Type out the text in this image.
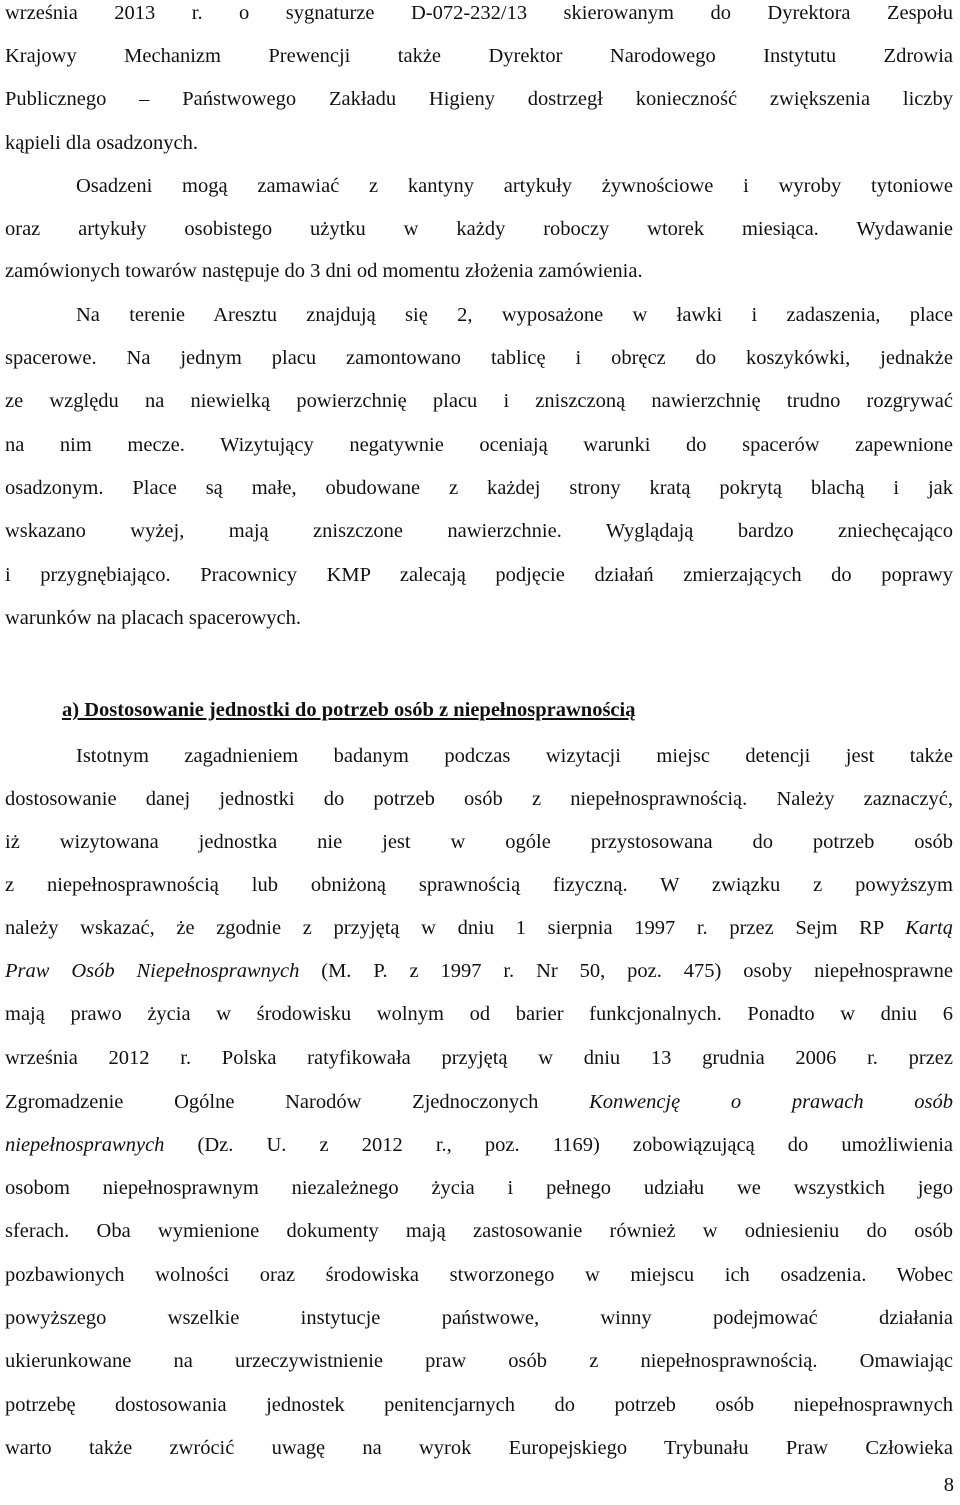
września 2013 r. o sygnaturze D-072-232/13 skierowanym do Dyrektora Zespołu
Krajowy Mechanizm Prewencji także Dyrektor Narodowego Instytutu Zdrowia
Publicznego – Państwowego Zakładu Higieny dostrzegł konieczność zwiększenia liczby
kąpieli dla osadzonych.
Osadzeni mogą zamawiać z kantyny artykuły żywnościowe i wyroby tytoniowe
oraz artykuły osobistego użytku w każdy roboczy wtorek miesiąca. Wydawanie
zamówionych towarów następuje do 3 dni od momentu złożenia zamówienia.
Na terenie Aresztu znajdują się 2, wyposażone w ławki i zadaszenia, place
spacerowe. Na jednym placu zamontowano tablicę i obręcz do koszykówki, jednakże
ze względu na niewielką powierzchnię placu i zniszczoną nawierzchnię trudno rozgrywać
na nim mecze. Wizytujący negatywnie oceniają warunki do spacerów zapewnione
osadzonym. Place są małe, obudowane z każdej strony kratą pokrytą blachą i jak
wskazano wyżej, mają zniszczone nawierzchnie. Wyglądają bardzo zniechęcająco
i przygnębiająco. Pracownicy KMP zalecają podjęcie działań zmierzających do poprawy
warunków na placach spacerowych.
a) Dostosowanie jednostki do potrzeb osób z niepełnosprawnością
Istotnym zagadnieniem badanym podczas wizytacji miejsc detencji jest także
dostosowanie danej jednostki do potrzeb osób z niepełnosprawnością. Należy zaznaczyć,
iż wizytowana jednostka nie jest w ogóle przystosowana do potrzeb osób
z niepełnosprawnością lub obniżoną sprawnością fizyczną. W związku z powyższym
należy wskazać, że zgodnie z przyjętą w dniu 1 sierpnia 1997 r. przez Sejm RP Kartą
Praw Osób Niepełnosprawnych (M. P. z 1997 r. Nr 50, poz. 475) osoby niepełnosprawne
mają prawo życia w środowisku wolnym od barier funkcjonalnych. Ponadto w dniu 6
września 2012 r. Polska ratyfikowała przyjętą w dniu 13 grudnia 2006 r. przez
Zgromadzenie Ogólne Narodów Zjednoczonych Konwencję o prawach osób
niepełnosprawnych (Dz. U. z 2012 r., poz. 1169) zobowiązującą do umożliwienia
osobom niepełnosprawnym niezależnego życia i pełnego udziału we wszystkich jego
sferach. Oba wymienione dokumenty mają zastosowanie również w odniesieniu do osób
pozbawionych wolności oraz środowiska stworzonego w miejscu ich osadzenia. Wobec
powyższego wszelkie instytucje państwowe, winny podejmować działania
ukierunkowane na urzeczywistnienie praw osób z niepełnosprawnością. Omawiając
potrzebę dostosowania jednostek penitencjarnych do potrzeb osób niepełnosprawnych
warto także zwrócić uwagę na wyrok Europejskiego Trybunału Praw Człowieka
8
